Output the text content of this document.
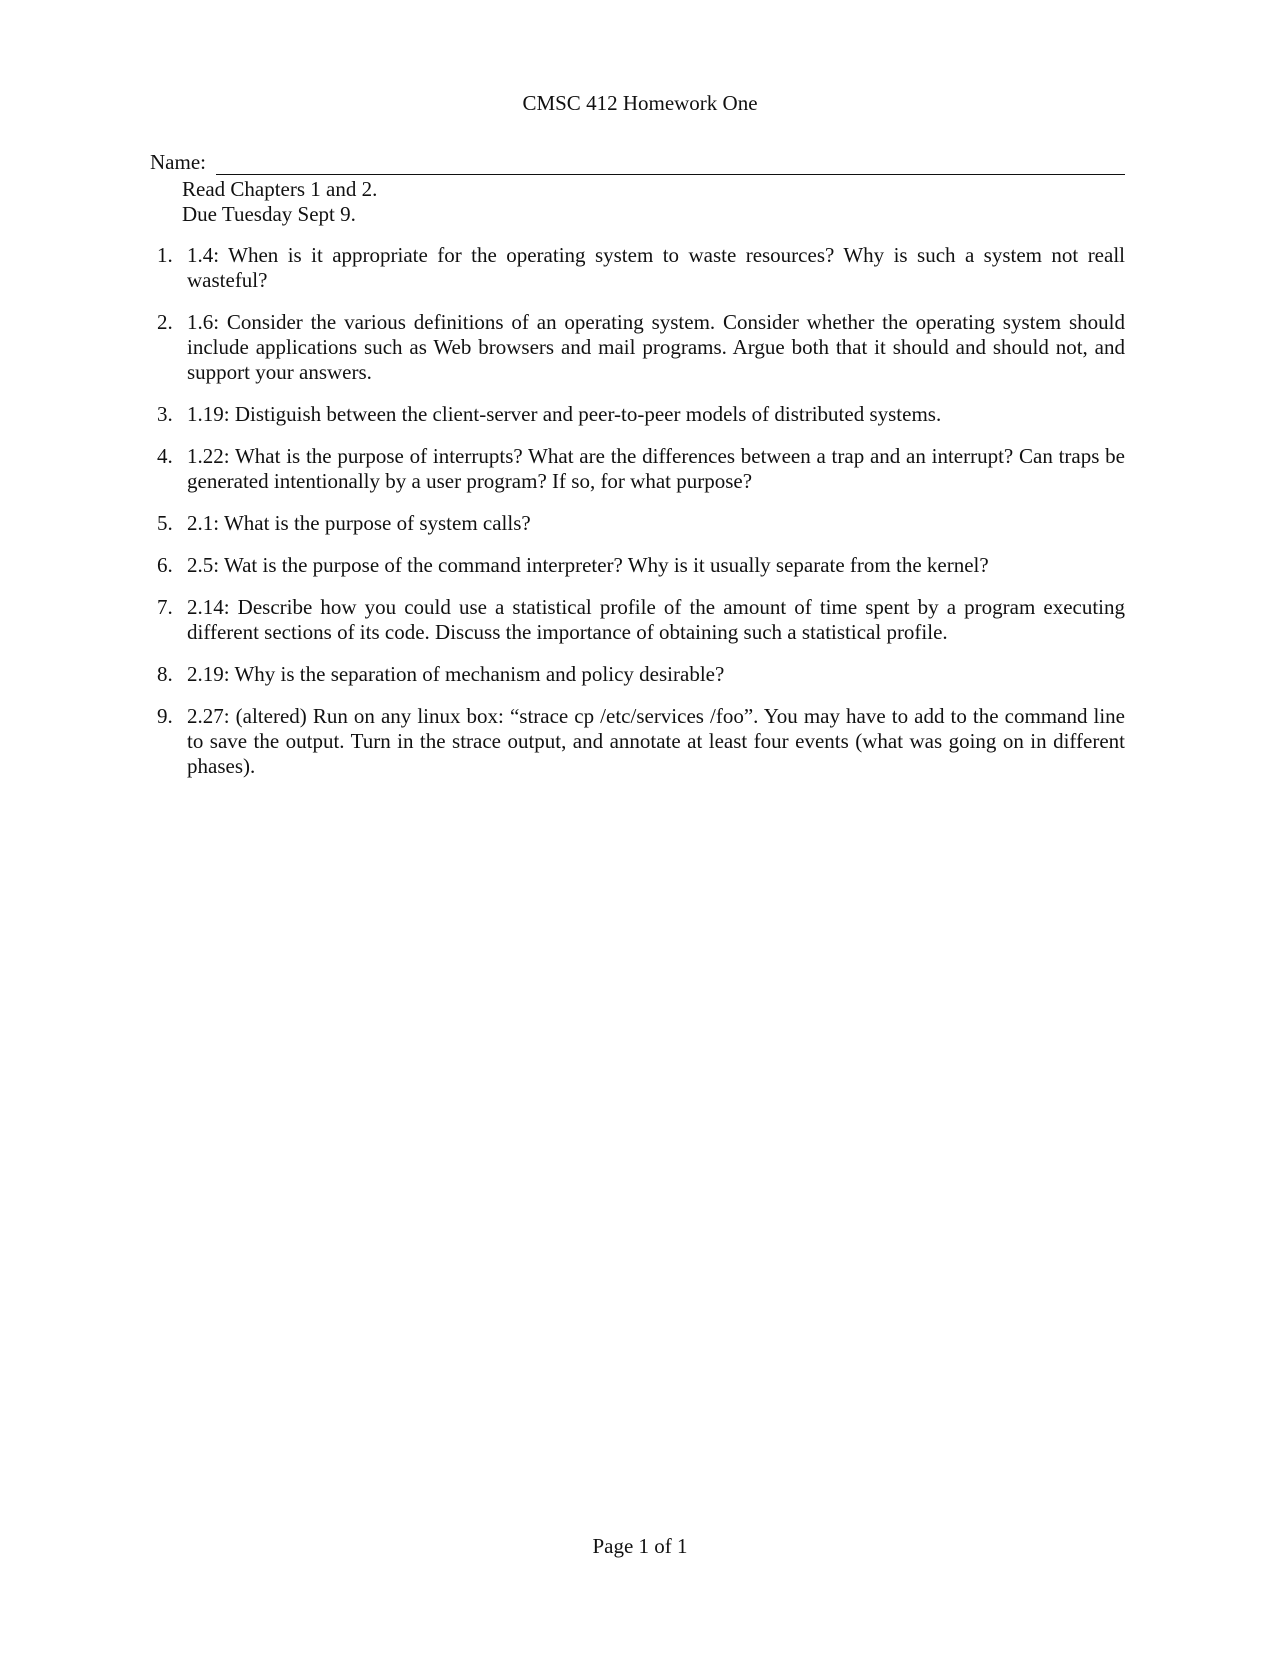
CMSC 412 Homework One
Name:
Read Chapters 1 and 2.
Due Tuesday Sept 9.
1. 1.4: When is it appropriate for the operating system to waste resources? Why is such a system not reall wasteful?
2. 1.6: Consider the various definitions of an operating system. Consider whether the operating system should include applications such as Web browsers and mail programs. Argue both that it should and should not, and support your answers.
3. 1.19: Distiguish between the client-server and peer-to-peer models of distributed systems.
4. 1.22: What is the purpose of interrupts? What are the differences between a trap and an interrupt? Can traps be generated intentionally by a user program? If so, for what purpose?
5. 2.1: What is the purpose of system calls?
6. 2.5: Wat is the purpose of the command interpreter? Why is it usually separate from the kernel?
7. 2.14: Describe how you could use a statistical profile of the amount of time spent by a program executing different sections of its code. Discuss the importance of obtaining such a statistical profile.
8. 2.19: Why is the separation of mechanism and policy desirable?
9. 2.27: (altered) Run on any linux box: “strace cp /etc/services /foo”. You may have to add to the command line to save the output. Turn in the strace output, and annotate at least four events (what was going on in different phases).
Page 1 of 1
